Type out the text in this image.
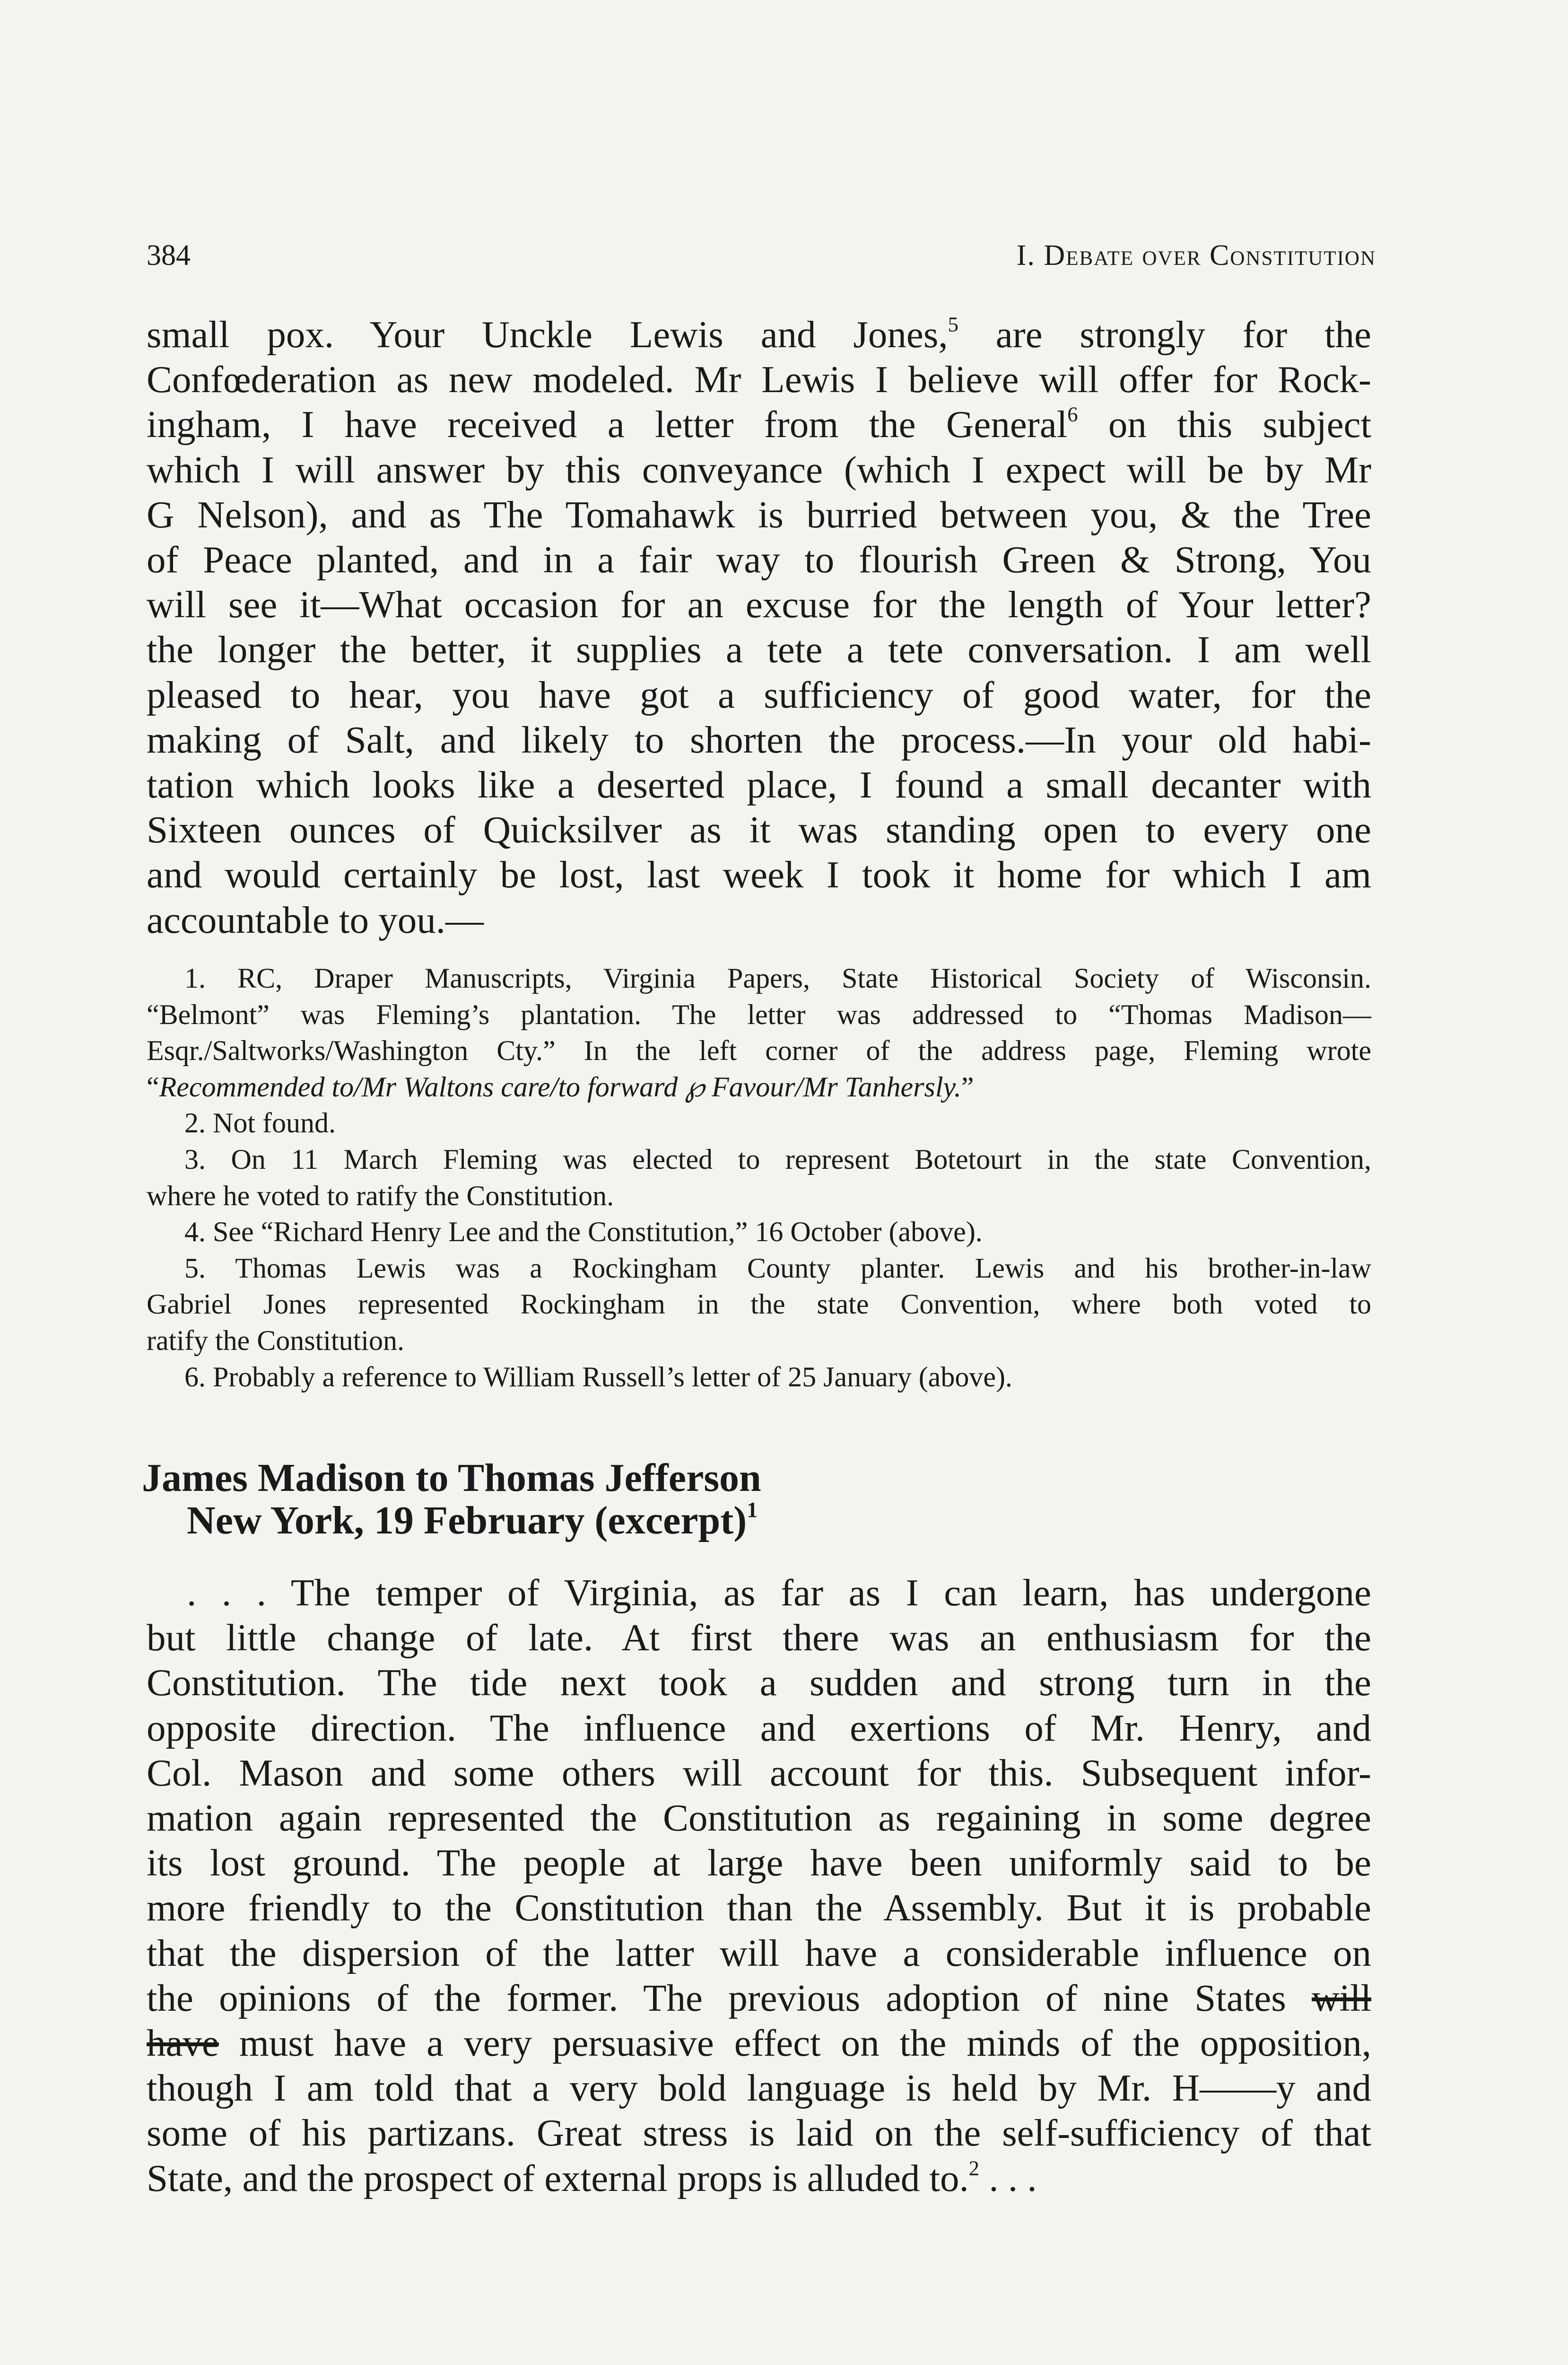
384	I. Debate over Constitution
small pox. Your Unckle Lewis and Jones,$^5$ are strongly for the
Confœderation as new modeled. Mr Lewis I believe will offer for Rock-
ingham, I have received a letter from the General$^6$ on this subject
which I will answer by this conveyance (which I expect will be by Mr
G Nelson), and as The Tomahawk is burried between you, & the Tree
of Peace planted, and in a fair way to flourish Green & Strong, You
will see it—What occasion for an excuse for the length of Your letter?
the longer the better, it supplies a tete a tete conversation. I am well
pleased to hear, you have got a sufficiency of good water, for the
making of Salt, and likely to shorten the process.—In your old habi-
tation which looks like a deserted place, I found a small decanter with
Sixteen ounces of Quicksilver as it was standing open to every one
and would certainly be lost, last week I took it home for which I am
accountable to you.—
1. RC, Draper Manuscripts, Virginia Papers, State Historical Society of Wisconsin.
“Belmont” was Fleming’s plantation. The letter was addressed to “Thomas Madison—
Esqr./Saltworks/Washington Cty.” In the left corner of the address page, Fleming wrote
“Recommended to/Mr Waltons care/to forward ℘ Favour/Mr Tanhersly.”
2. Not found.
3. On 11 March Fleming was elected to represent Botetourt in the state Convention,
where he voted to ratify the Constitution.
4. See “Richard Henry Lee and the Constitution,” 16 October (above).
5. Thomas Lewis was a Rockingham County planter. Lewis and his brother-in-law
Gabriel Jones represented Rockingham in the state Convention, where both voted to
ratify the Constitution.
6. Probably a reference to William Russell’s letter of 25 January (above).
James Madison to Thomas Jefferson
New York, 19 February (excerpt)$^1$
. . . The temper of Virginia, as far as I can learn, has undergone
but little change of late. At first there was an enthusiasm for the
Constitution. The tide next took a sudden and strong turn in the
opposite direction. The influence and exertions of Mr. Henry, and
Col. Mason and some others will account for this. Subsequent infor-
mation again represented the Constitution as regaining in some degree
its lost ground. The people at large have been uniformly said to be
more friendly to the Constitution than the Assembly. But it is probable
that the dispersion of the latter will have a considerable influence on
the opinions of the former. The previous adoption of nine States will
have must have a very persuasive effect on the minds of the opposition,
though I am told that a very bold language is held by Mr. H——y and
some of his partizans. Great stress is laid on the self-sufficiency of that
State, and the prospect of external props is alluded to.$^2$ . . .
